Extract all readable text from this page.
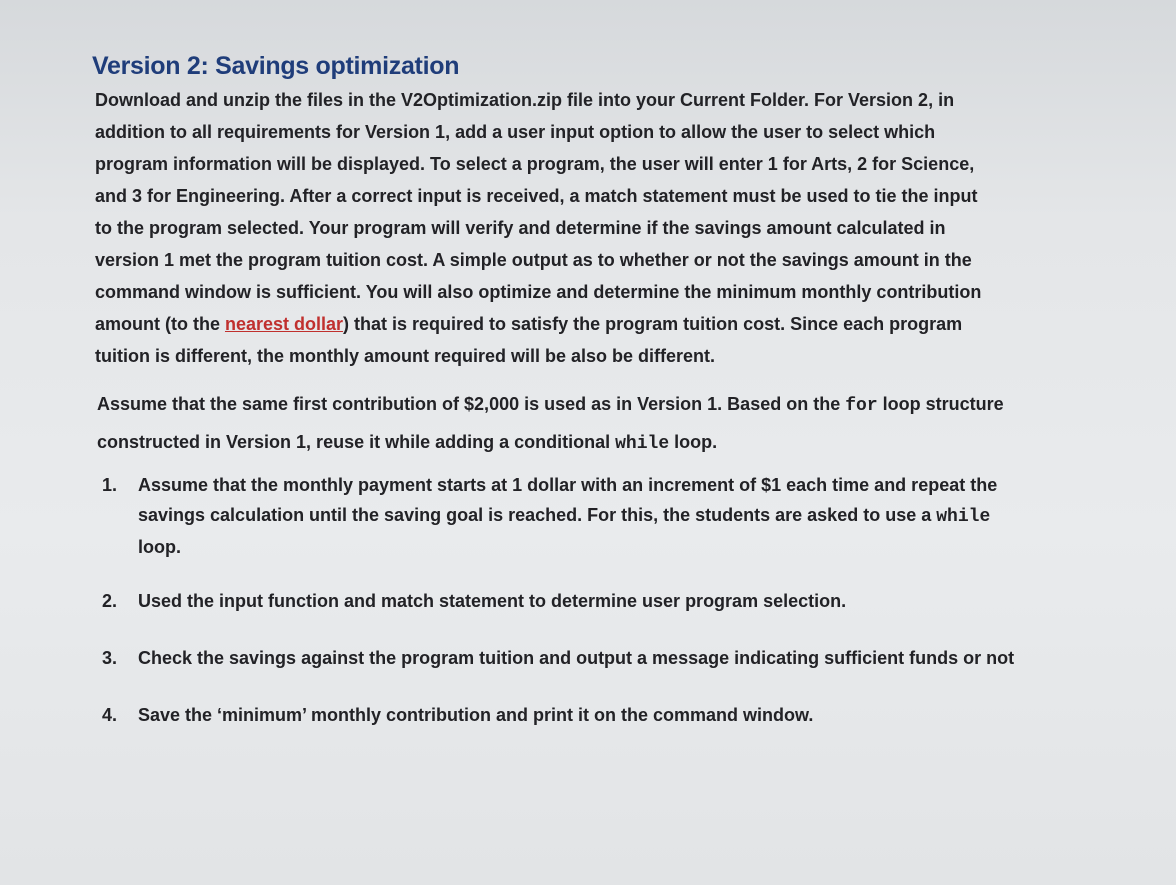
Version 2: Savings optimization
Download and unzip the files in the V2Optimization.zip file into your Current Folder. For Version 2, in
addition to all requirements for Version 1, add a user input option to allow the user to select which
program information will be displayed. To select a program, the user will enter 1 for Arts, 2 for Science,
and 3 for Engineering. After a correct input is received, a match statement must be used to tie the input
to the program selected. Your program will verify and determine if the savings amount calculated in
version 1 met the program tuition cost. A simple output as to whether or not the savings amount in the
command window is sufficient. You will also optimize and determine the minimum monthly contribution
amount (to the nearest dollar) that is required to satisfy the program tuition cost. Since each program
tuition is different, the monthly amount required will be also be different.
Assume that the same first contribution of $2,000 is used as in Version 1. Based on the for loop structure
constructed in Version 1, reuse it while adding a conditional while loop.
1. Assume that the monthly payment starts at 1 dollar with an increment of $1 each time and repeat the
savings calculation until the saving goal is reached. For this, the students are asked to use a while
loop.
2. Used the input function and match statement to determine user program selection.
3. Check the savings against the program tuition and output a message indicating sufficient funds or not
4. Save the ‘minimum’ monthly contribution and print it on the command window.
